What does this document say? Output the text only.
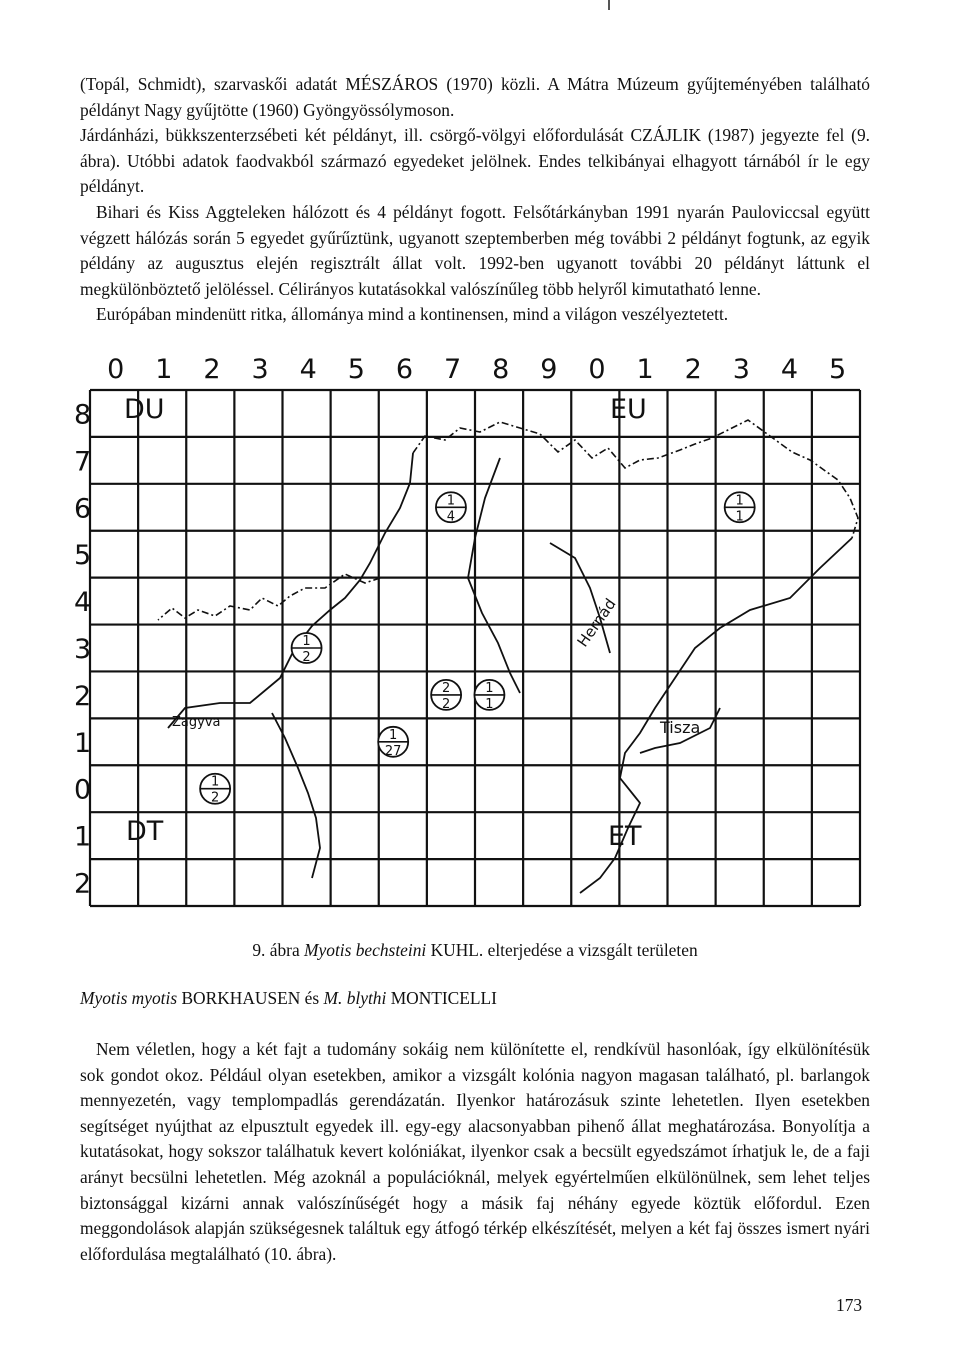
(Topál, Schmidt), szarvaskői adatát MÉSZÁROS (1970) közli. A Mátra Múzeum gyűjteményében található példányt Nagy gyűjtötte (1960) Gyöngyössólymoson.
Járdánházi, bükkszenterzsébeti két példányt, ill. csörgő-völgyi előfordulását CZÁJLIK (1987) jegyezte fel (9. ábra). Utóbbi adatok faodvakból származó egyedeket jelölnek. Endes telkibányai elhagyott tárnából ír le egy példányt.
Bihari és Kiss Aggteleken hálózott és 4 példányt fogott. Felsőtárkányban 1991 nyarán Pauloviccsal együtt végzett hálózás során 5 egyedet gyűrűztünk, ugyanott szeptemberben még további 2 példányt fogtunk, az egyik példány az augusztus elején regisztrált állat volt. 1992-ben ugyanott további 20 példányt láttunk el megkülönböztető jelöléssel. Célirányos kutatásokkal valószínűleg több helyről kimutatható lenne.
Európában mindenütt ritka, állománya mind a kontinensen, mind a világon veszélyeztetett.
0 1 2 3 4 5 6 7 8 9 0 1 2 3 4 5
8
7
6
5
4
3
2
1
0
1
2
DU	EU
DT	ET
Hernád
Tisza
Zagyva
1
4
1
1
1
2
2
2
1
1
1
27
1
2

9. ábra Myotis bechsteini KUHL. elterjedése a vizsgált területen

Myotis myotis BORKHAUSEN és M. blythi MONTICELLI

Nem véletlen, hogy a két fajt a tudomány sokáig nem különítette el, rendkívül hasonlóak, így elkülönítésük sok gondot okoz. Például olyan esetekben, amikor a vizsgált kolónia nagyon magasan található, pl. barlangok mennyezetén, vagy templompadlás gerendázatán. Ilyenkor határozásuk szinte lehetetlen. Ilyen esetekben segítséget nyújthat az elpusztult egyedek ill. egy-egy alacsonyabban pihenő állat meghatározása. Bonyolítja a kutatásokat, hogy sokszor találhatuk kevert kolóniákat, ilyenkor csak a becsült egyedszámot írhatjuk le, de a faji arányt becsülni lehetetlen. Még azoknál a populációknál, melyek egyértelműen elkülönülnek, sem lehet teljes biztonsággal kizárni annak valószínűségét hogy a másik faj néhány egyede köztük előfordul. Ezen meggondolások alapján szükségesnek találtuk egy átfogó térkép elkészítését, melyen a két faj összes ismert nyári előfordulása megtalálható (10. ábra).

173
